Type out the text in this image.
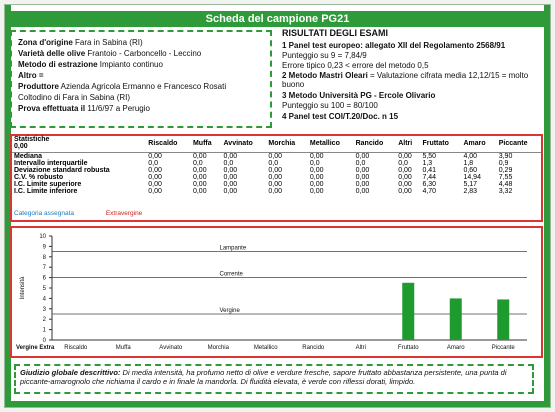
Scheda del campione PG21
Zona d'origine Fara in Sabina (RI)
Varietà delle olive Frantoio - Carboncello - Leccino
Metodo di estrazione Impianto continuo
Altro =
Produttore Azienda Agricola Ermanno e Francesco Rosati
Coltodino di Fara in Sabina (RI)
Prova effettuata il 11/6/97 a Perugio
RISULTATI DEGLI ESAMI
1 Panel test europeo: allegato XII del Regolamento 2568/91
Punteggio su 9 = 7,84/9
Errore tipico 0,23 < errore del metodo 0,5
2 Metodo Mastri Oleari = Valutazione cifrata media 12,12/15 = molto buono
3 Metodo Università PG - Ercole Olivario
Punteggio su 100 = 80/100
4 Panel test COI/T.20/Doc. n 15
Statistiche
0,00	Riscaldo	Muffa	Avvinato	Morchia	Metallico	Rancido	Altri	Fruttato	Amaro	Piccante
Mediana	0,00	0,00	0,00	0,00	0,00	0,00	0,00	5,50	4,00	3,90
Intervallo interquartile	0,0	0,0	0,0	0,0	0,0	0,0	0,0	1,3	1,8	0,9
Deviazione standard robusta	0,00	0,00	0,00	0,00	0,00	0,00	0,00	0,41	0,60	0,29
C.V. % robusto	0,00	0,00	0,00	0,00	0,00	0,00	0,00	7,44	14,94	7,55
I.C. Limite superiore	0,00	0,00	0,00	0,00	0,00	0,00	0,00	6,30	5,17	4,48
I.C. Limite inferiore	0,00	0,00	0,00	0,00	0,00	0,00	0,00	4,70	2,83	3,32
Categoria assegnata	Extravergine
0
1
2
3
4
5
6
7
8
9
10
Intensità
Lampante
Corrente
Vergine
Riscaldo	Muffa	Avvinato	Morchia	Metallico	Rancido	Altri	Fruttato	Amaro	Piccante
Vergine Extra
Giudizio globale descrittivo: Di media intensità, ha profumo netto di olive e verdure fresche, sapore fruttato abbastanza persistente, una punta di piccante-amarognolo che richiama il cardo e in finale la mandorla. Di fluidità elevata, è verde con riflessi dorati, limpido.
